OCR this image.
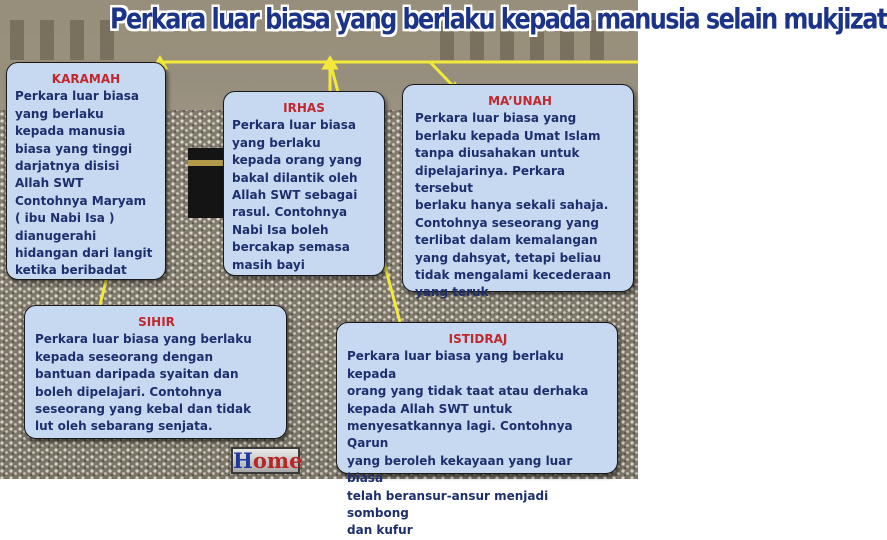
Perkara luar biasa yang berlaku kepada manusia selain mukjizat
KARAMAH
Perkara luar biasa
yang berlaku
kepada manusia
biasa yang tinggi
darjatnya disisi
Allah SWT
Contohnya Maryam
( ibu Nabi Isa )
dianugerahi
hidangan dari langit
ketika beribadat
IRHAS
Perkara luar biasa
yang berlaku
kepada orang yang
bakal dilantik oleh
Allah SWT sebagai
rasul. Contohnya
Nabi Isa boleh
bercakap semasa
masih bayi
MA’UNAH
Perkara luar biasa yang
berlaku kepada Umat Islam
tanpa diusahakan untuk
dipelajarinya. Perkara tersebut
berlaku hanya sekali sahaja.
Contohnya seseorang yang
terlibat dalam kemalangan
yang dahsyat, tetapi beliau
tidak mengalami kecederaan
yang teruk
SIHIR
Perkara luar biasa yang berlaku
kepada seseorang dengan
bantuan daripada syaitan dan
boleh dipelajari. Contohnya
seseorang yang kebal dan tidak
lut oleh sebarang senjata.
ISTIDRAJ
Perkara luar biasa yang berlaku kepada
orang yang tidak taat atau derhaka
kepada Allah SWT untuk
menyesatkannya lagi. Contohnya Qarun
yang beroleh kekayaan yang luar biasa
telah beransur-ansur menjadi sombong
dan kufur
Home
